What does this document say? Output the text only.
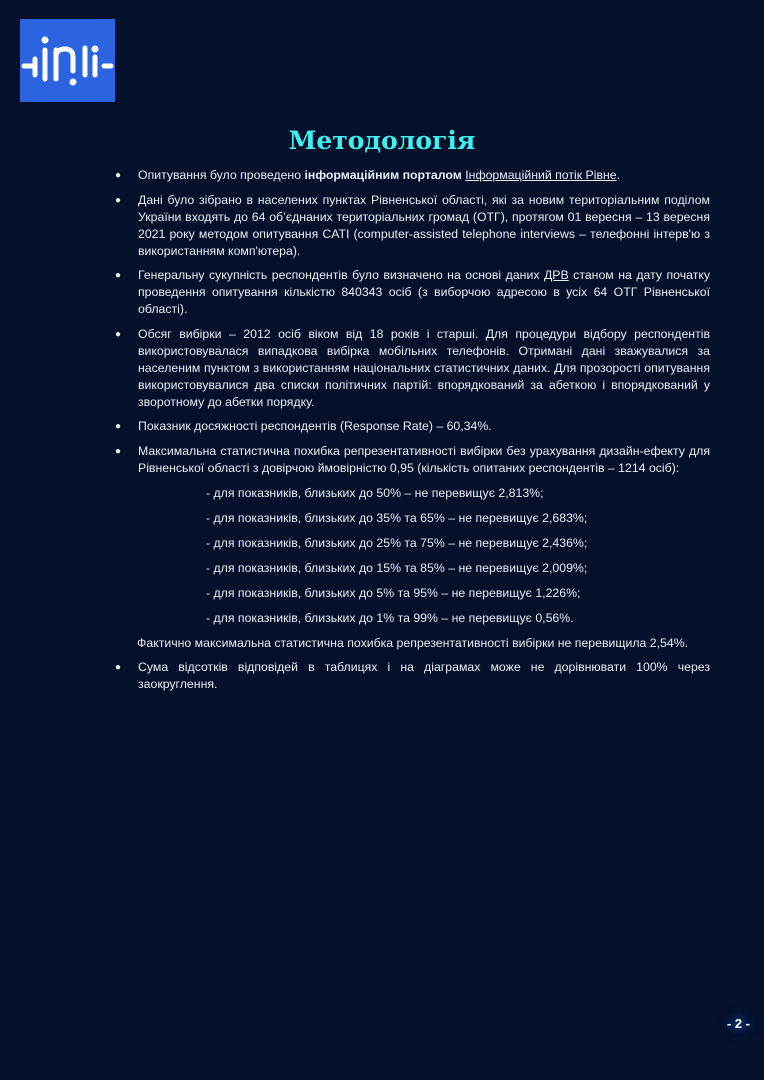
Методологія
● Опитування було проведено інформаційним порталом Інформаційний потік Рівне.
● Дані було зібрано в населених пунктах Рівненської області, які за новим територіальним поділом України входять до 64 об’єднаних територіальних громад (ОТГ), протягом 01 вересня – 13 вересня 2021 року методом опитування CATI (computer-assisted telephone interviews – телефонні інтерв'ю з використанням комп'ютера).
● Генеральну сукупність респондентів було визначено на основі даних ДРВ станом на дату початку проведення опитування кількістю 840343 осіб (з виборчою адресою в усіх 64 ОТГ Рівненської області).
● Обсяг вибірки – 2012 осіб віком від 18 років і старші. Для процедури відбору респондентів використовувалася випадкова вибірка мобільних телефонів. Отримані дані зважувалися за населеним пунктом з використанням національних статистичних даних. Для прозорості опитування використовувалися два списки політичних партій: впорядкований за абеткою і впорядкований у зворотному до абетки порядку.
● Показник досяжності респондентів (Response Rate) – 60,34%.
● Максимальна статистична похибка репрезентативності вибірки без урахування дизайн-ефекту для Рівненської області з довірчою ймовірністю 0,95 (кількість опитаних респондентів – 1214 осіб):
- для показників, близьких до 50% – не перевищує 2,813%;
- для показників, близьких до 35% та 65% – не перевищує 2,683%;
- для показників, близьких до 25% та 75% – не перевищує 2,436%;
- для показників, близьких до 15% та 85% – не перевищує 2,009%;
- для показників, близьких до 5% та 95% – не перевищує 1,226%;
- для показників, близьких до 1% та 99% – не перевищує 0,56%.
Фактично максимальна статистична похибка репрезентативності вибірки не перевищила 2,54%.
● Сума відсотків відповідей в таблицях і на діаграмах може не дорівнювати 100% через заокруглення.
- 2 -
